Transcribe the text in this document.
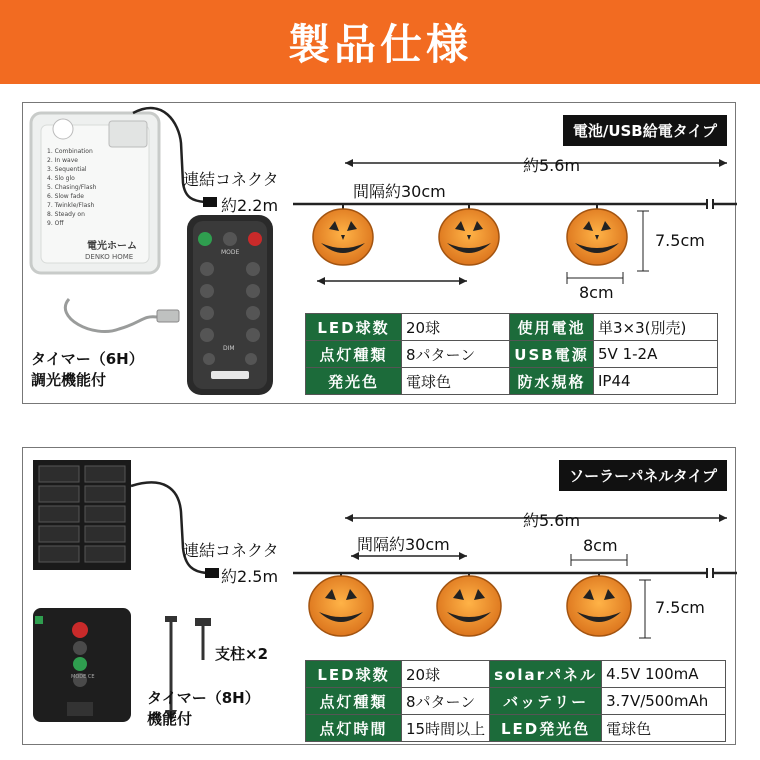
製品仕様
1. Combination
2. In wave
3. Sequential
4. Slo glo
5. Chasing/Flash
6. Slow fade
7. Twinkle/Flash
8. Steady on
9. Off
電光ホーム
DENKO HOME
MODE
DIM
電池/USB給電タイプ
連結コネクタ
約2.2m
間隔約30cm
約5.6m
7.5cm
8cm
タイマー（6H）
調光機能付
LED球数	20球	使用電池	単3×3(別売)
点灯種類	8パターン	USB電源	5V 1-2A
発光色	電球色	防水規格	IP44
MODE CE
ソーラーパネルタイプ
連結コネクタ
約2.5m
間隔約30cm
約5.6m
8cm
7.5cm
支柱×2
タイマー（8H）
機能付
LED球数	20球	solarパネル	4.5V 100mA
点灯種類	8パターン	バッテリー	3.7V/500mAh
点灯時間	15時間以上	LED発光色	電球色
